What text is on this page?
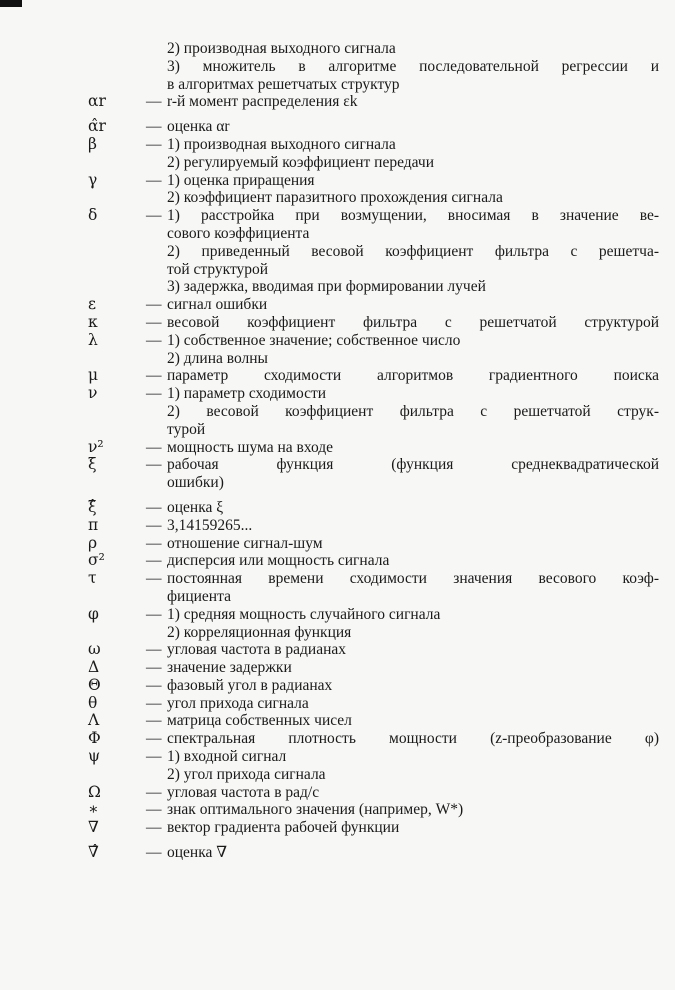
2) производная выходного сигнала
3) множитель в алгоритме последовательной регрессии и
в алгоритмах решетчатых структур
αr	— r-й момент распределения εk
α̂r	— оценка αr
β	— 1) производная выходного сигнала
2) регулируемый коэффициент передачи
γ	— 1) оценка приращения
2) коэффициент паразитного прохождения сигнала
δ	— 1) расстройка при возмущении, вносимая в значение ве-
сового коэффициента
2) приведенный весовой коэффициент фильтра с решетча-
той структурой
3) задержка, вводимая при формировании лучей
ε	— сигнал ошибки
κ	— весовой коэффициент фильтра с решетчатой структурой
λ	— 1) собственное значение; собственное число
2) длина волны
μ	— параметр сходимости алгоритмов градиентного поиска
ν	— 1) параметр сходимости
2) весовой коэффициент фильтра с решетчатой струк-
турой
ν²	— мощность шума на входе
ξ	— рабочая функция (функция среднеквадратической
ошибки)
ξ̂	— оценка ξ
π	— 3,14159265...
ρ	— отношение сигнал-шум
σ²	— дисперсия или мощность сигнала
τ	— постоянная времени сходимости значения весового коэф-
фициента
φ	— 1) средняя мощность случайного сигнала
2) корреляционная функция
ω	— угловая частота в радианах
Δ	— значение задержки
Θ	— фазовый угол в радианах
θ	— угол прихода сигнала
Λ	— матрица собственных чисел
Φ	— спектральная плотность мощности (z-преобразование φ)
ψ	— 1) входной сигнал
2) угол прихода сигнала
Ω	— угловая частота в рад/с
∗	— знак оптимального значения (например, W*)
∇	— вектор градиента рабочей функции
∇̂	— оценка ∇
